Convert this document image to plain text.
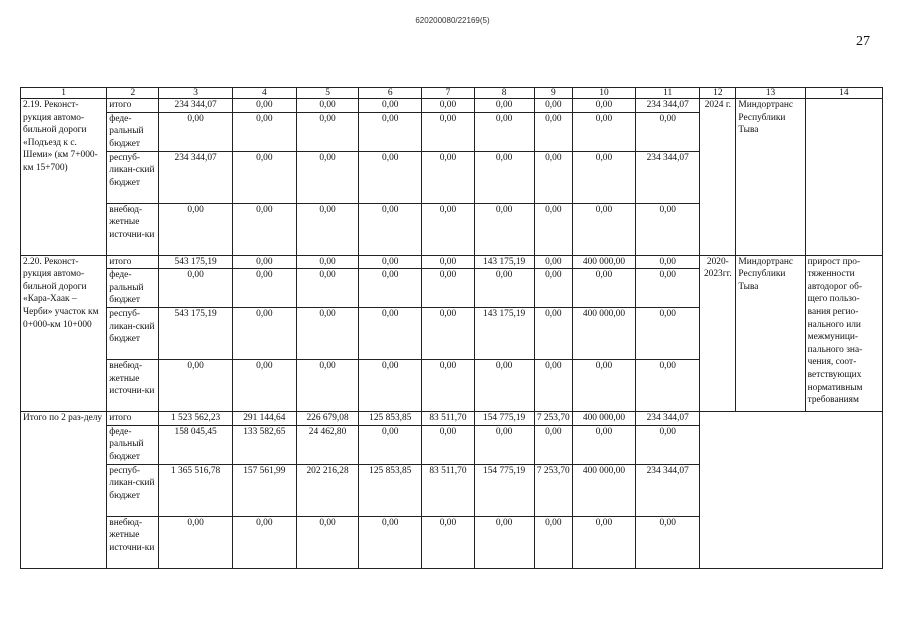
620200080/22169(5)
27
1	2	3	4	5	6	7	8	9	10	11	12	13	14
2.19. Реконст-рукция автомо-бильной дороги «Подъезд к с. Шеми» (км 7+000- км 15+700)	итого	234 344,07	0,00	0,00	0,00	0,00	0,00	0,00	0,00	234 344,07	2024 г.	Миндортранс Республики Тыва	
	феде-ральный бюджет	0,00	0,00	0,00	0,00	0,00	0,00	0,00	0,00	0,00			
	респуб-ликан-ский бюджет	234 344,07	0,00	0,00	0,00	0,00	0,00	0,00	0,00	234 344,07			
	внебюд-жетные источни-ки	0,00	0,00	0,00	0,00	0,00	0,00	0,00	0,00	0,00			
2.20. Реконст-рукция автомо-бильной дороги «Кара-Хаак – Черби» участок км 0+000-км 10+000	итого	543 175,19	0,00	0,00	0,00	0,00	143 175,19	0,00	400 000,00	0,00	2020-2023гг.	Миндортранс Республики Тыва	прирост про-тяженности автодорог об-щего пользо-вания регио-нального или межмуници-пального зна-чения, соот-ветствующих нормативным требованиям
	феде-ральный бюджет	0,00	0,00	0,00	0,00	0,00	0,00	0,00	0,00	0,00			
	респуб-ликан-ский бюджет	543 175,19	0,00	0,00	0,00	0,00	143 175,19	0,00	400 000,00	0,00			
	внебюд-жетные источни-ки	0,00	0,00	0,00	0,00	0,00	0,00	0,00	0,00	0,00			
Итого по 2 раз-делу	итого	1 523 562,23	291 144,64	226 679,08	125 853,85	83 511,70	154 775,19	7 253,70	400 000,00	234 344,07			
	феде-ральный бюджет	158 045,45	133 582,65	24 462,80	0,00	0,00	0,00	0,00	0,00	0,00			
	респуб-ликан-ский бюджет	1 365 516,78	157 561,99	202 216,28	125 853,85	83 511,70	154 775,19	7 253,70	400 000,00	234 344,07			
	внебюд-жетные источни-ки	0,00	0,00	0,00	0,00	0,00	0,00	0,00	0,00	0,00			
